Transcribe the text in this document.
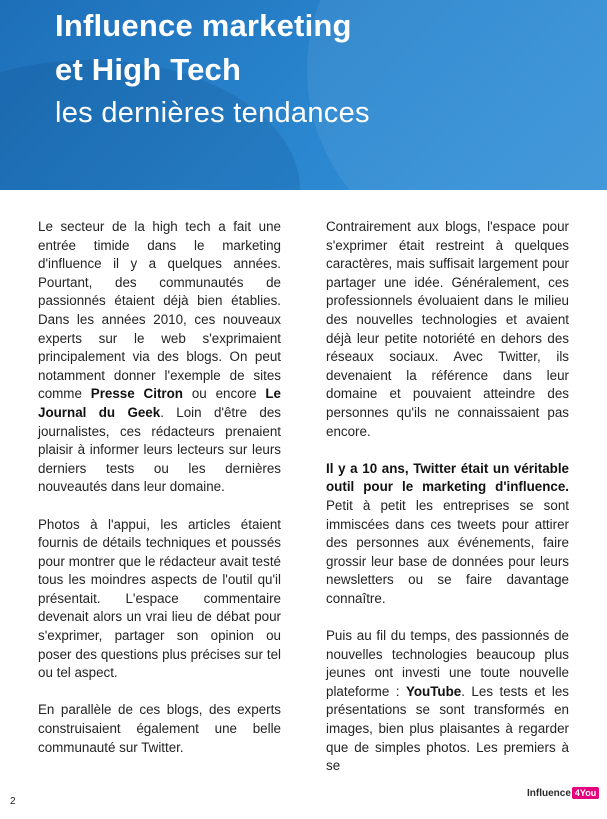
Influence marketing
et High Tech
les dernières tendances

Le secteur de la high tech a fait une entrée timide dans le marketing d'influence il y a quelques années. Pourtant, des communautés de passionnés étaient déjà bien établies. Dans les années 2010, ces nouveaux experts sur le web s'exprimaient principalement via des blogs. On peut notamment donner l'exemple de sites comme Presse Citron ou encore Le Journal du Geek. Loin d'être des journalistes, ces rédacteurs prenaient plaisir à informer leurs lecteurs sur leurs derniers tests ou les dernières nouveautés dans leur domaine.

Photos à l'appui, les articles étaient fournis de détails techniques et poussés pour montrer que le rédacteur avait testé tous les moindres aspects de l'outil qu'il présentait. L'espace commentaire devenait alors un vrai lieu de débat pour s'exprimer, partager son opinion ou poser des questions plus précises sur tel ou tel aspect.

En parallèle de ces blogs, des experts construisaient également une belle communauté sur Twitter.

Contrairement aux blogs, l'espace pour s'exprimer était restreint à quelques caractères, mais suffisait largement pour partager une idée. Généralement, ces professionnels évoluaient dans le milieu des nouvelles technologies et avaient déjà leur petite notoriété en dehors des réseaux sociaux. Avec Twitter, ils devenaient la référence dans leur domaine et pouvaient atteindre des personnes qu'ils ne connaissaient pas encore.

Il y a 10 ans, Twitter était un véritable outil pour le marketing d'influence. Petit à petit les entreprises se sont immiscées dans ces tweets pour attirer des personnes aux événements, faire grossir leur base de données pour leurs newsletters ou se faire davantage connaître.

Puis au fil du temps, des passionnés de nouvelles technologies beaucoup plus jeunes ont investi une toute nouvelle plateforme : YouTube. Les tests et les présentations se sont transformés en images, bien plus plaisantes à regarder que de simples photos. Les premiers à se

2
Influence 4You
